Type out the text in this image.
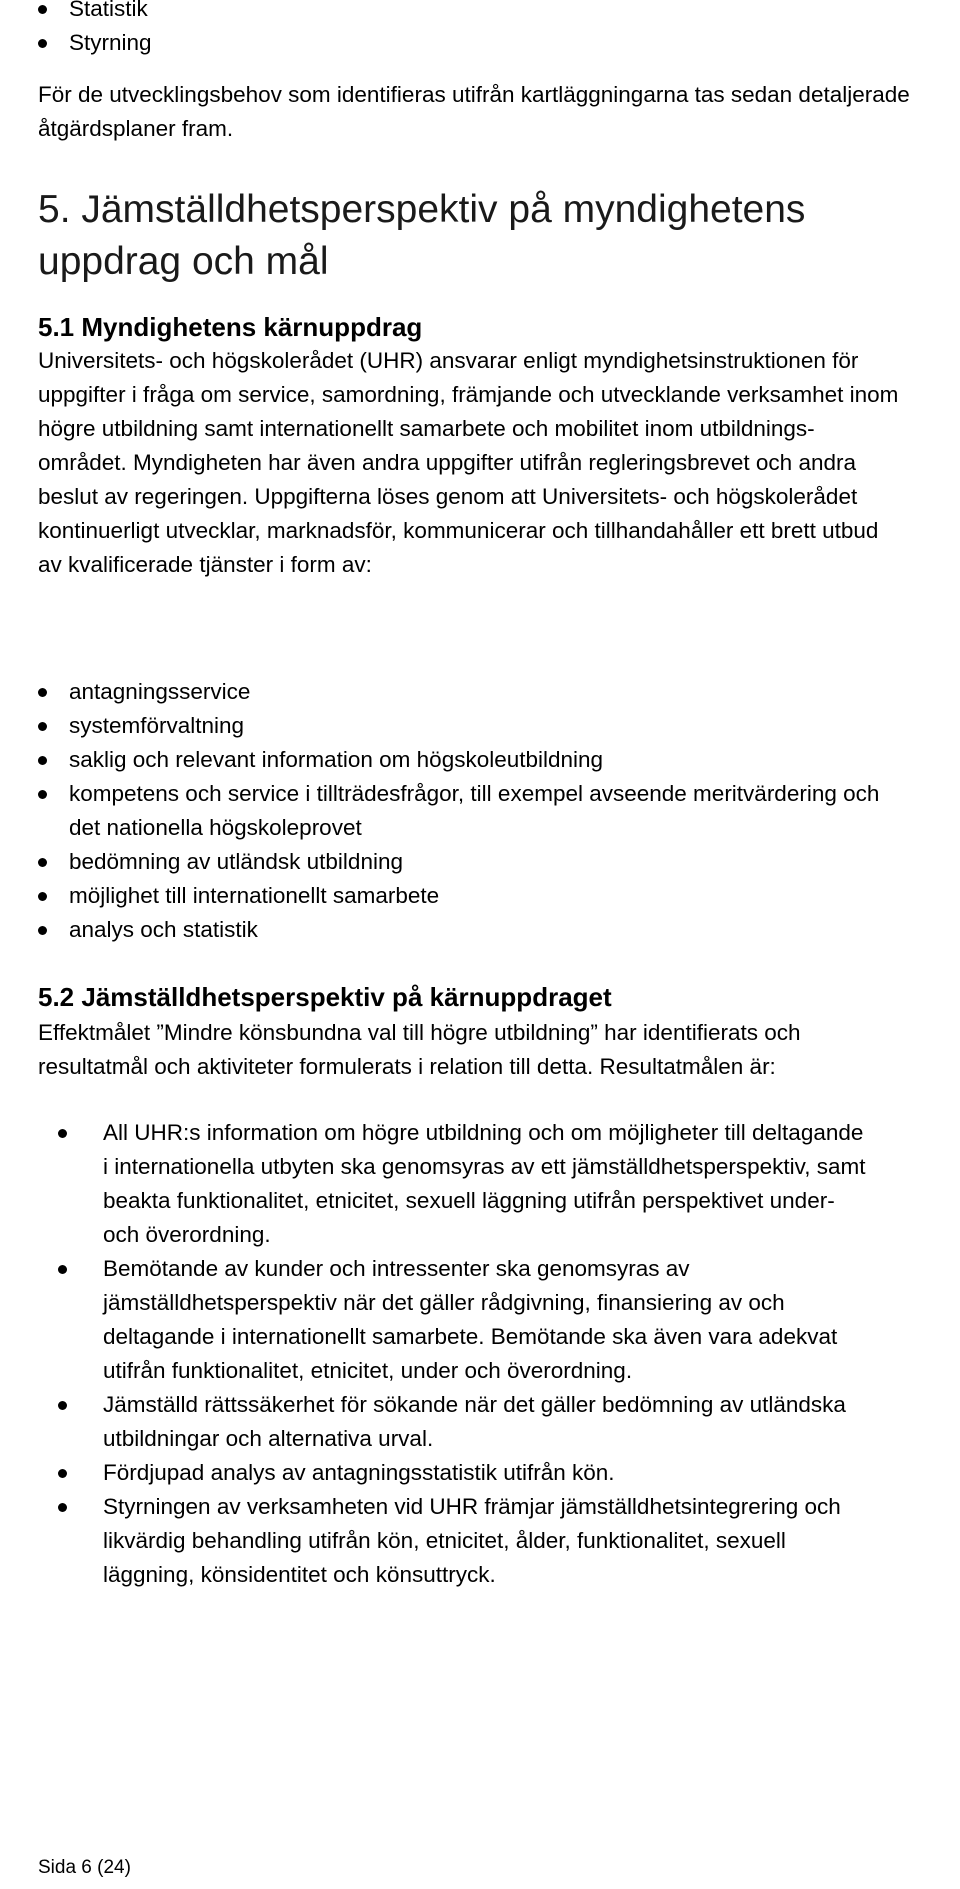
Statistik
Styrning

För de utvecklingsbehov som identifieras utifrån kartläggningarna tas sedan detaljerade åtgärdsplaner fram.

5. Jämställdhetsperspektiv på myndighetens
uppdrag och mål
5.1 Myndighetens kärnuppdrag
Universitets- och högskolerådet (UHR) ansvarar enligt myndighetsinstruktionen för
uppgifter i fråga om service, samordning, främjande och utvecklande verksamhet inom
högre utbildning samt internationellt samarbete och mobilitet inom utbildnings-
området. Myndigheten har även andra uppgifter utifrån regleringsbrevet och andra
beslut av regeringen. Uppgifterna löses genom att Universitets- och högskolerådet
kontinuerligt utvecklar, marknadsför, kommunicerar och tillhandahåller ett brett utbud
av kvalificerade tjänster i form av:
antagningsservice
systemförvaltning
saklig och relevant information om högskoleutbildning
kompetens och service i tillträdesfrågor, till exempel avseende meritvärdering och
det nationella högskoleprovet
bedömning av utländsk utbildning
möjlighet till internationellt samarbete
analys och statistik
5.2 Jämställdhetsperspektiv på kärnuppdraget
Effektmålet ”Mindre könsbundna val till högre utbildning” har identifierats och
resultatmål och aktiviteter formulerats i relation till detta. Resultatmålen är:
All UHR:s information om högre utbildning och om möjligheter till deltagande
i internationella utbyten ska genomsyras av ett jämställdhetsperspektiv, samt
beakta funktionalitet, etnicitet, sexuell läggning utifrån perspektivet under-
och överordning.
Bemötande av kunder och intressenter ska genomsyras av
jämställdhetsperspektiv när det gäller rådgivning, finansiering av och
deltagande i internationellt samarbete. Bemötande ska även vara adekvat
utifrån funktionalitet, etnicitet, under och överordning.
Jämställd rättssäkerhet för sökande när det gäller bedömning av utländska
utbildningar och alternativa urval.
Fördjupad analys av antagningsstatistik utifrån kön.
Styrningen av verksamheten vid UHR främjar jämställdhetsintegrering och
likvärdig behandling utifrån kön, etnicitet, ålder, funktionalitet, sexuell
läggning, könsidentitet och könsuttryck.
Sida 6 (24)
